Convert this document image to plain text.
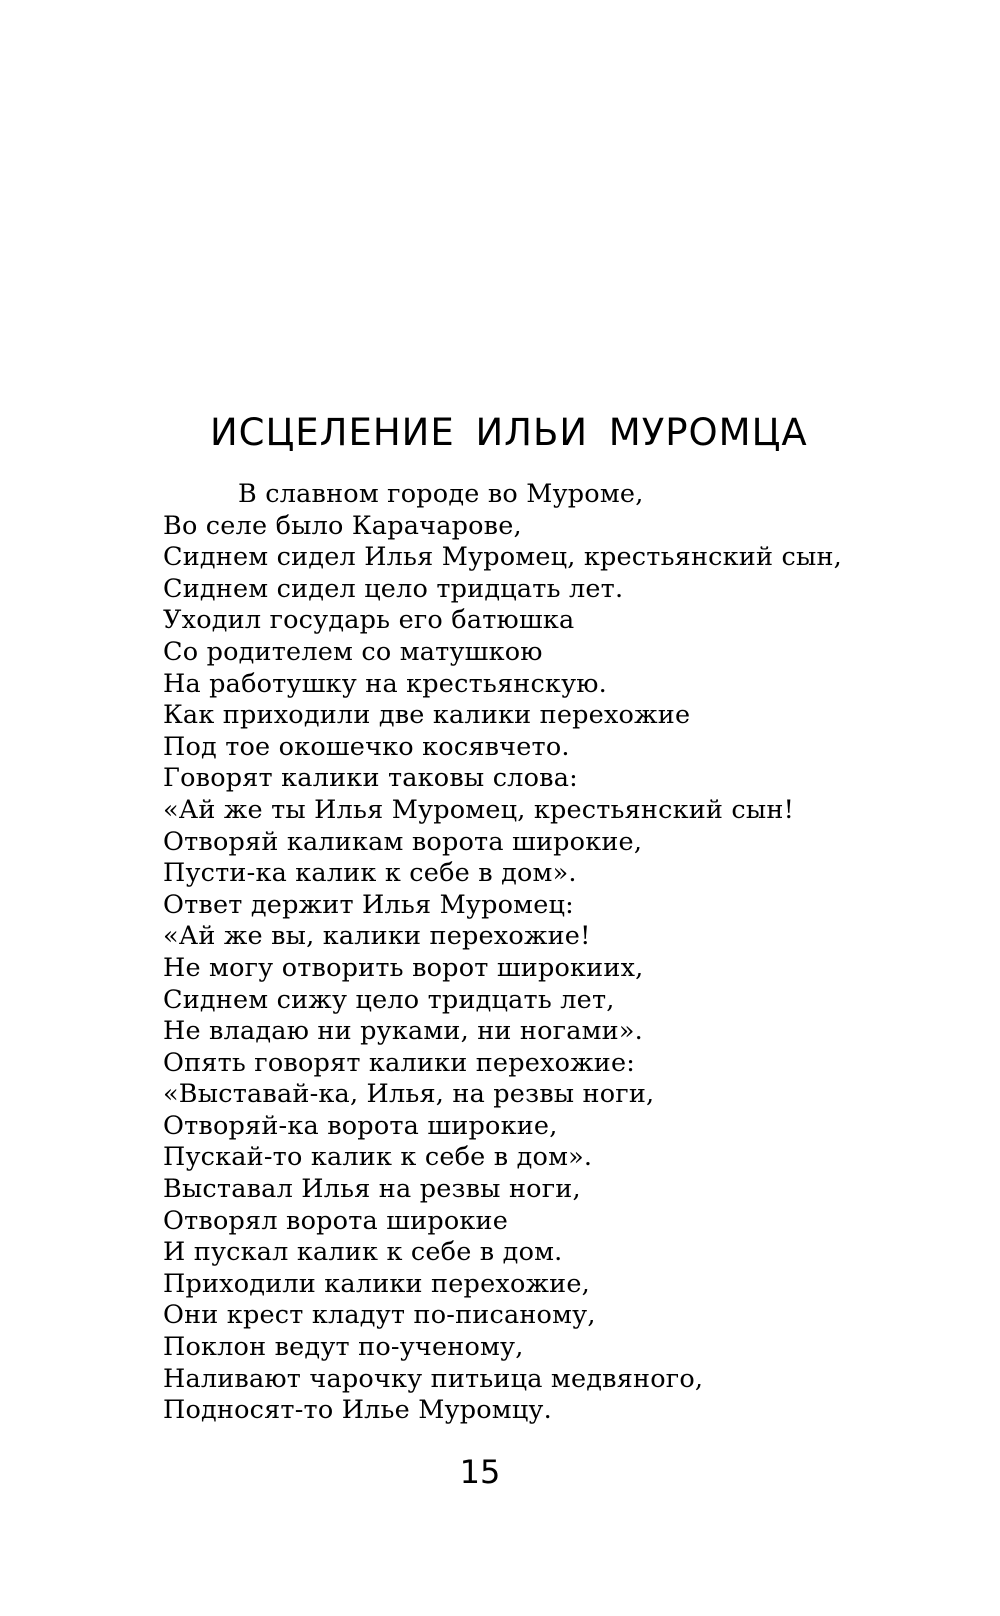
ИСЦЕЛЕНИЕ ИЛЬИ МУРОМЦА
В славном городе во Муроме,
Во селе было Карачарове,
Сиднем сидел Илья Муромец, крестьянский сын,
Сиднем сидел цело тридцать лет.
Уходил государь его батюшка
Со родителем со матушкою
На работушку на крестьянскую.
Как приходили две калики перехожие
Под тое окошечко косявчето.
Говорят калики таковы слова:
«Ай же ты Илья Муромец, крестьянский сын!
Отворяй каликам ворота широкие,
Пусти-ка калик к себе в дом».
Ответ держит Илья Муромец:
«Ай же вы, калики перехожие!
Не могу отворить ворот широкиих,
Сиднем сижу цело тридцать лет,
Не владаю ни руками, ни ногами».
Опять говорят калики перехожие:
«Выставай-ка, Илья, на резвы ноги,
Отворяй-ка ворота широкие,
Пускай-то калик к себе в дом».
Выставал Илья на резвы ноги,
Отворял ворота широкие
И пускал калик к себе в дом.
Приходили калики перехожие,
Они крест кладут по-писаному,
Поклон ведут по-ученому,
Наливают чарочку питьица медвяного,
Подносят-то Илье Муромцу.
15
